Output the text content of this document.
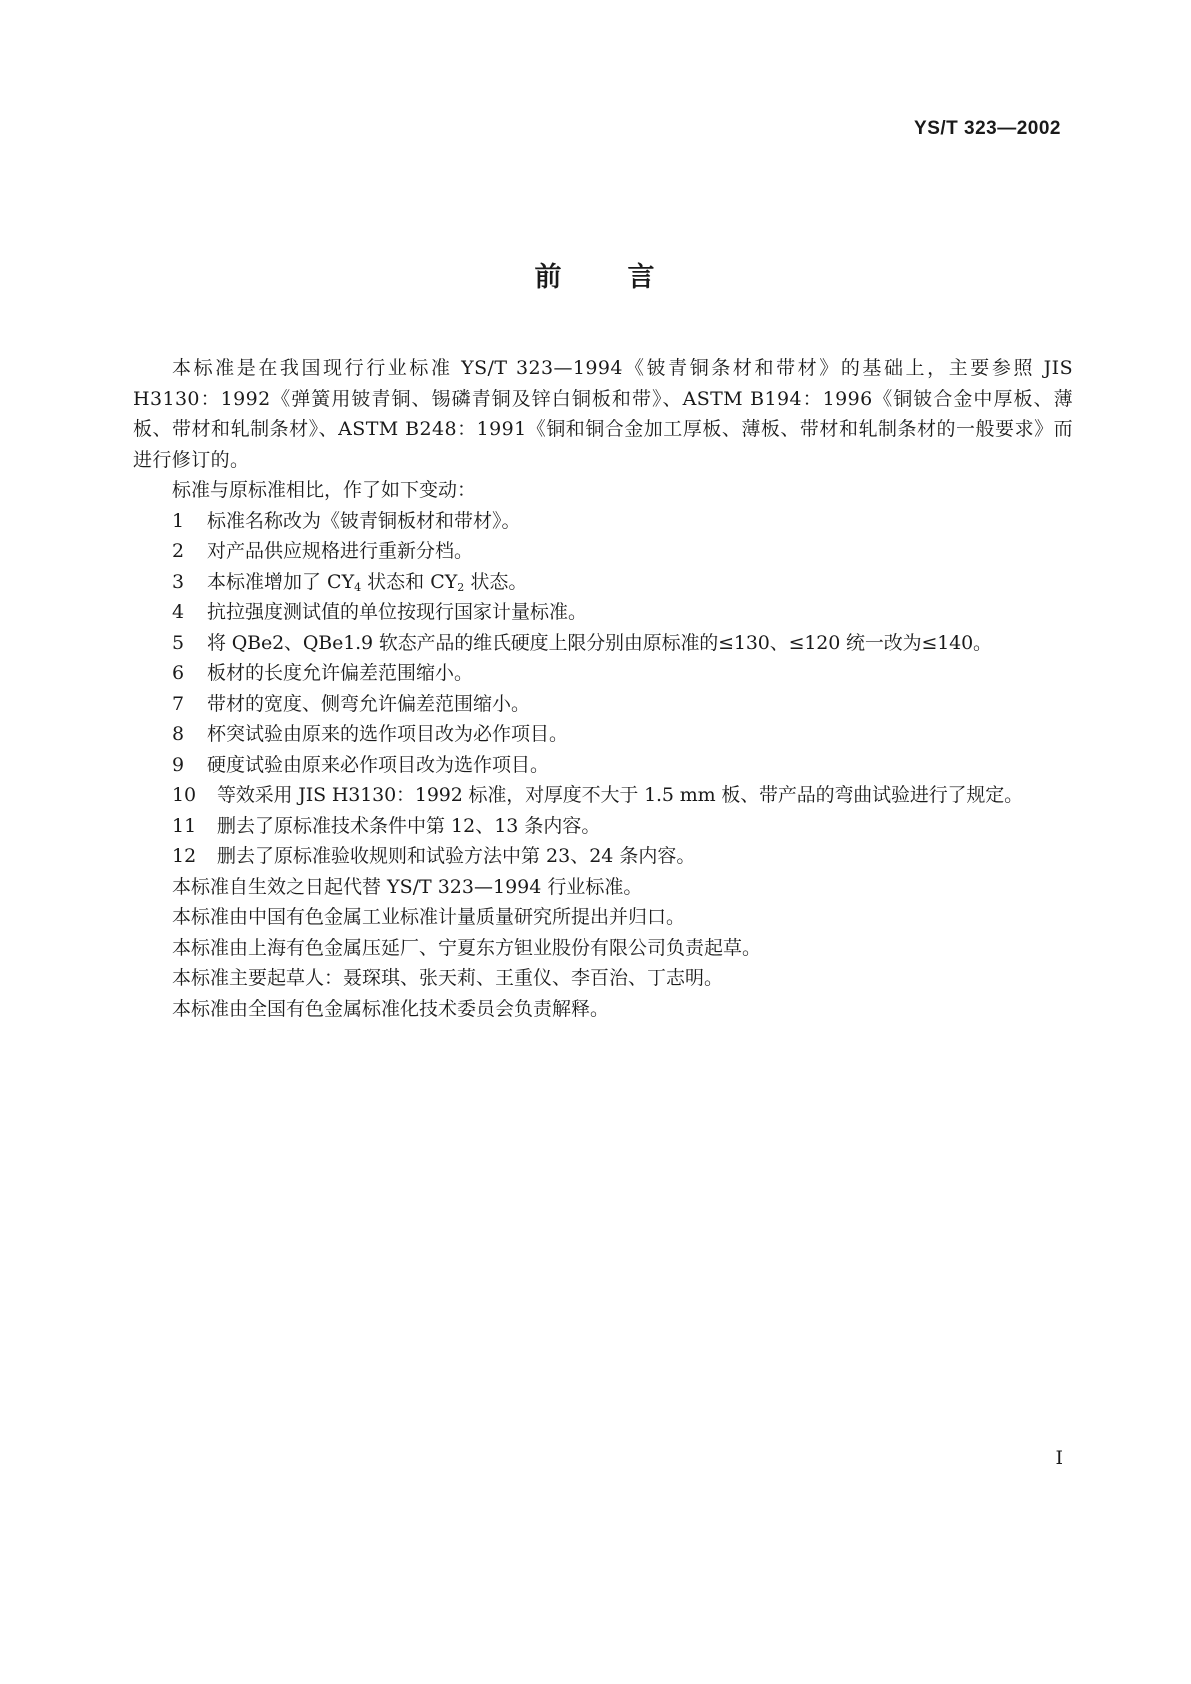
YS/T 323—2002
前 言

本标准是在我国现行行业标准 YS/T 323—1994《铍青铜条材和带材》的基础上，主要参照 JIS H3130：1992《弹簧用铍青铜、锡磷青铜及锌白铜板和带》、ASTM B194：1996《铜铍合金中厚板、薄板、带材和轧制条材》、ASTM B248：1991《铜和铜合金加工厚板、薄板、带材和轧制条材的一般要求》而进行修订的。

标准与原标准相比，作了如下变动：

1 标准名称改为《铍青铜板材和带材》。

2 对产品供应规格进行重新分档。

3 本标准增加了 $CY_4$ 状态和 $CY_2$ 状态。

4 抗拉强度测试值的单位按现行国家计量标准。

5 将 QBe2、QBe1.9 软态产品的维氏硬度上限分别由原标准的≤130、≤120 统一改为≤140。

6 板材的长度允许偏差范围缩小。

7 带材的宽度、侧弯允许偏差范围缩小。

8 杯突试验由原来的选作项目改为必作项目。

9 硬度试验由原来必作项目改为选作项目。

10 等效采用 JIS H3130：1992 标准，对厚度不大于 1.5 mm 板、带产品的弯曲试验进行了规定。

11 删去了原标准技术条件中第 12、13 条内容。

12 删去了原标准验收规则和试验方法中第 23、24 条内容。

本标准自生效之日起代替 YS/T 323—1994 行业标准。

本标准由中国有色金属工业标准计量质量研究所提出并归口。

本标准由上海有色金属压延厂、宁夏东方钽业股份有限公司负责起草。

本标准主要起草人：聂琛琪、张天莉、王重仪、李百治、丁志明。

本标准由全国有色金属标准化技术委员会负责解释。

I
